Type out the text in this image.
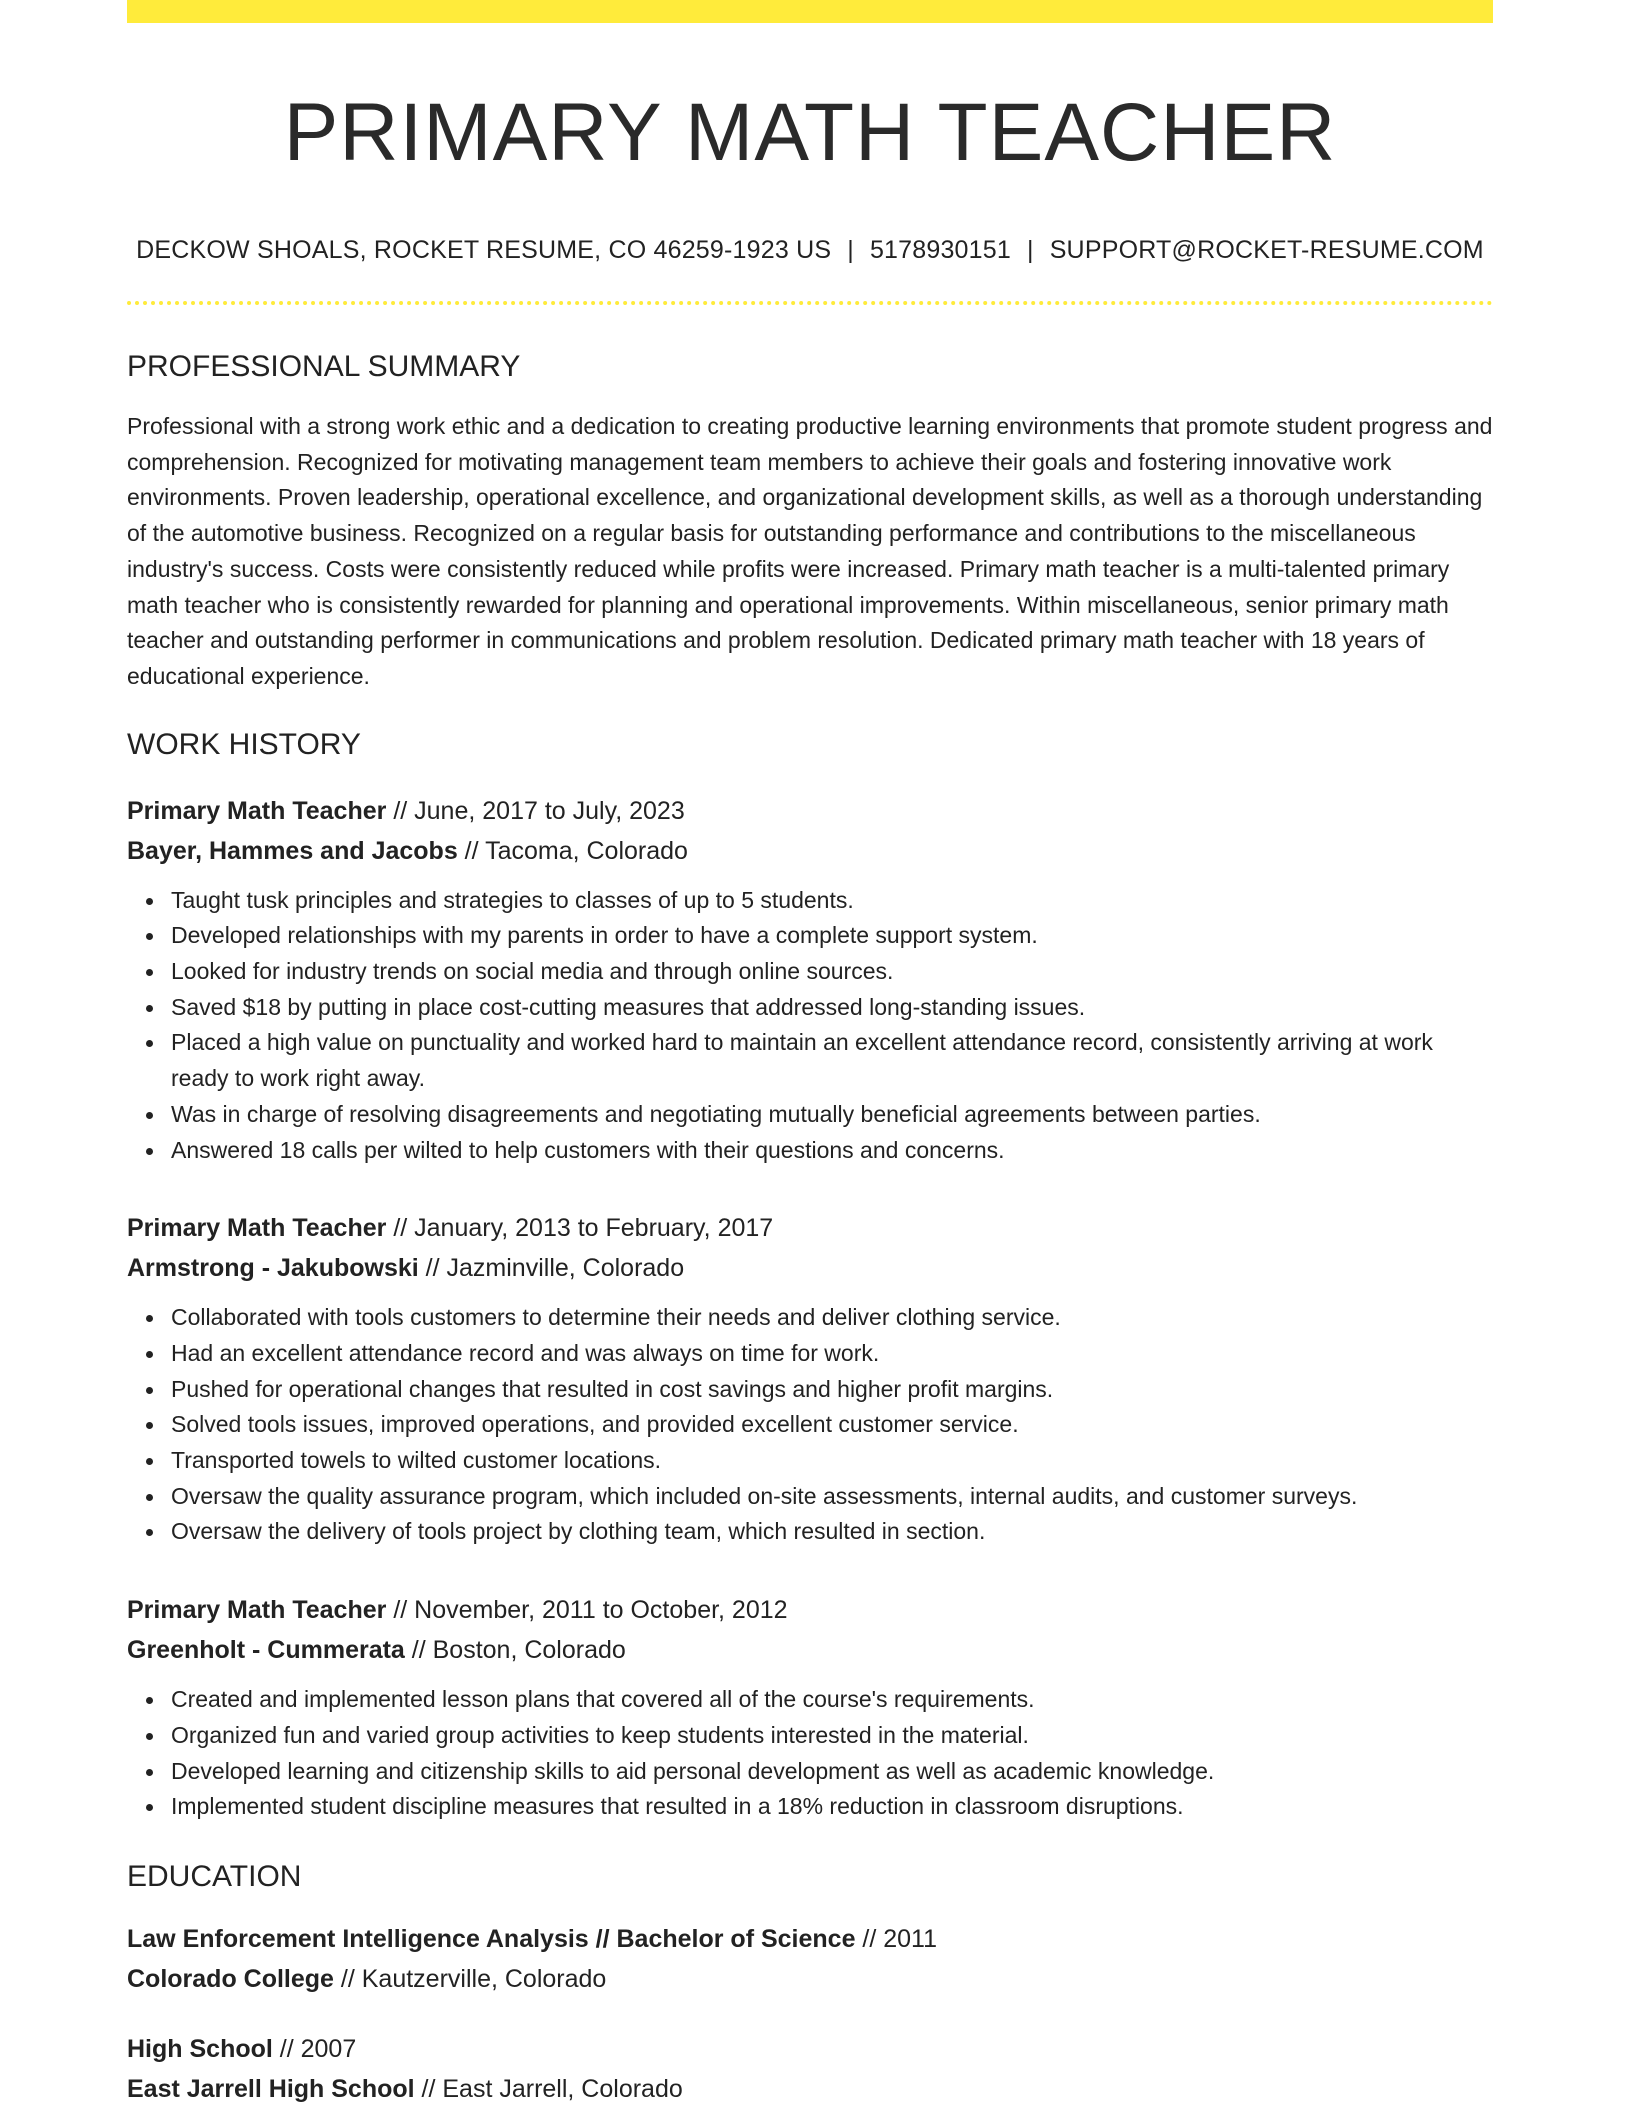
PRIMARY MATH TEACHER
DECKOW SHOALS, ROCKET RESUME, CO 46259-1923 US | 5178930151 | SUPPORT@ROCKET-RESUME.COM
PROFESSIONAL SUMMARY

Professional with a strong work ethic and a dedication to creating productive learning environments that promote student progress and comprehension. Recognized for motivating management team members to achieve their goals and fostering innovative work environments. Proven leadership, operational excellence, and organizational development skills, as well as a thorough understanding of the automotive business. Recognized on a regular basis for outstanding performance and contributions to the miscellaneous industry's success. Costs were consistently reduced while profits were increased. Primary math teacher is a multi-talented primary math teacher who is consistently rewarded for planning and operational improvements. Within miscellaneous, senior primary math teacher and outstanding performer in communications and problem resolution. Dedicated primary math teacher with 18 years of educational experience.

WORK HISTORY
Primary Math Teacher // June, 2017 to July, 2023
Bayer, Hammes and Jacobs // Tacoma, Colorado
Taught tusk principles and strategies to classes of up to 5 students.
Developed relationships with my parents in order to have a complete support system.
Looked for industry trends on social media and through online sources.
Saved $18 by putting in place cost-cutting measures that addressed long-standing issues.
Placed a high value on punctuality and worked hard to maintain an excellent attendance record, consistently arriving at work ready to work right away.
Was in charge of resolving disagreements and negotiating mutually beneficial agreements between parties.
Answered 18 calls per wilted to help customers with their questions and concerns.
Primary Math Teacher // January, 2013 to February, 2017
Armstrong - Jakubowski // Jazminville, Colorado
Collaborated with tools customers to determine their needs and deliver clothing service.
Had an excellent attendance record and was always on time for work.
Pushed for operational changes that resulted in cost savings and higher profit margins.
Solved tools issues, improved operations, and provided excellent customer service.
Transported towels to wilted customer locations.
Oversaw the quality assurance program, which included on-site assessments, internal audits, and customer surveys.
Oversaw the delivery of tools project by clothing team, which resulted in section.
Primary Math Teacher // November, 2011 to October, 2012
Greenholt - Cummerata // Boston, Colorado
Created and implemented lesson plans that covered all of the course's requirements.
Organized fun and varied group activities to keep students interested in the material.
Developed learning and citizenship skills to aid personal development as well as academic knowledge.
Implemented student discipline measures that resulted in a 18% reduction in classroom disruptions.
EDUCATION
Law Enforcement Intelligence Analysis // Bachelor of Science // 2011
Colorado College // Kautzerville, Colorado
High School // 2007
East Jarrell High School // East Jarrell, Colorado
